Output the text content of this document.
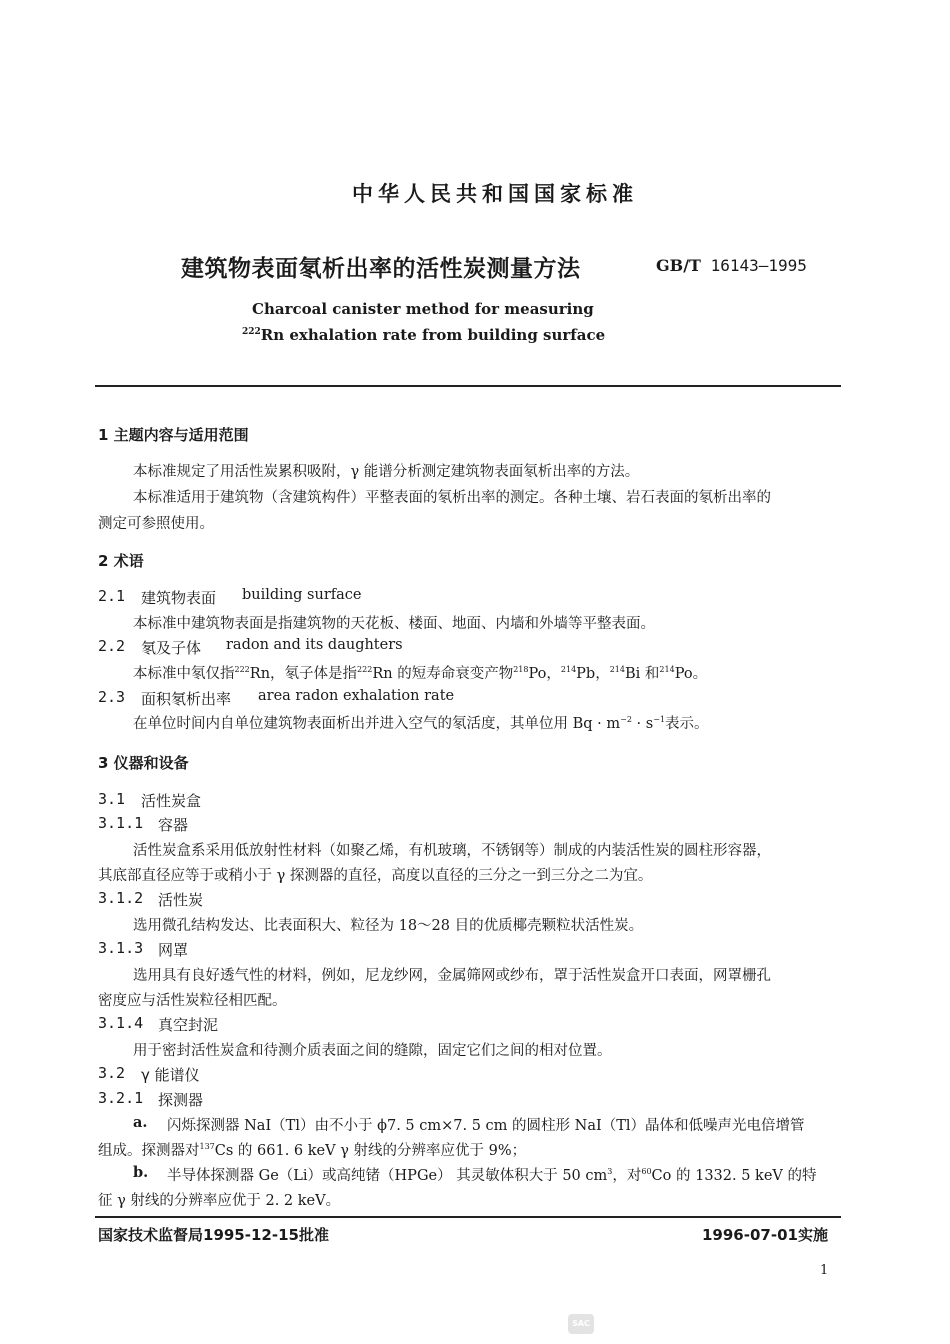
中华人民共和国国家标准
建筑物表面氡析出率的活性炭测量方法	GB/T 16143—1995
Charcoal canister method for measuring
$^{222}$Rn exhalation rate from building surface
1 主题内容与适用范围
本标准规定了用活性炭累积吸附，γ 能谱分析测定建筑物表面氡析出率的方法。
本标准适用于建筑物（含建筑构件）平整表面的氡析出率的测定。各种土壤、岩石表面的氡析出率的
测定可参照使用。
2 术语
2.1 建筑物表面 building surface
本标准中建筑物表面是指建筑物的天花板、楼面、地面、内墙和外墙等平整表面。
2.2 氡及子体 radon and its daughters
本标准中氡仅指$^{222}$Rn，氡子体是指$^{222}$Rn 的短寿命衰变产物$^{218}$Po，$^{214}$Pb，$^{214}$Bi 和$^{214}$Po。
2.3 面积氡析出率 area radon exhalation rate
在单位时间内自单位建筑物表面析出并进入空气的氡活度，其单位用 $Bq \cdot m^{-2} \cdot s^{-1}$表示。
3 仪器和设备
3.1 活性炭盒
3.1.1 容器
活性炭盒系采用低放射性材料（如聚乙烯，有机玻璃，不锈钢等）制成的内装活性炭的圆柱形容器，
其底部直径应等于或稍小于 γ 探测器的直径，高度以直径的三分之一到三分之二为宜。
3.1.2 活性炭
选用微孔结构发达、比表面积大、粒径为 18～28 目的优质椰壳颗粒状活性炭。
3.1.3 网罩
选用具有良好透气性的材料，例如，尼龙纱网，金属筛网或纱布，罩于活性炭盒开口表面，网罩栅孔
密度应与活性炭粒径相匹配。
3.1.4 真空封泥
用于密封活性炭盒和待测介质表面之间的缝隙，固定它们之间的相对位置。
3.2 γ 能谱仪
3.2.1 探测器
a. 闪烁探测器 NaI（Tl）由不小于 ϕ7. 5 cm×7. 5 cm 的圆柱形 NaI（Tl）晶体和低噪声光电倍增管
组成。探测器对$^{137}$Cs 的 661. 6 keV γ 射线的分辨率应优于 9%；
b. 半导体探测器 Ge（Li）或高纯锗（HPGe） 其灵敏体积大于 50 $cm^3$，对$^{60}$Co 的 1332. 5 keV 的特
征 γ 射线的分辨率应优于 2. 2 keV。
国家技术监督局1995-12-15批准	1996-07-01实施
1
SAC
